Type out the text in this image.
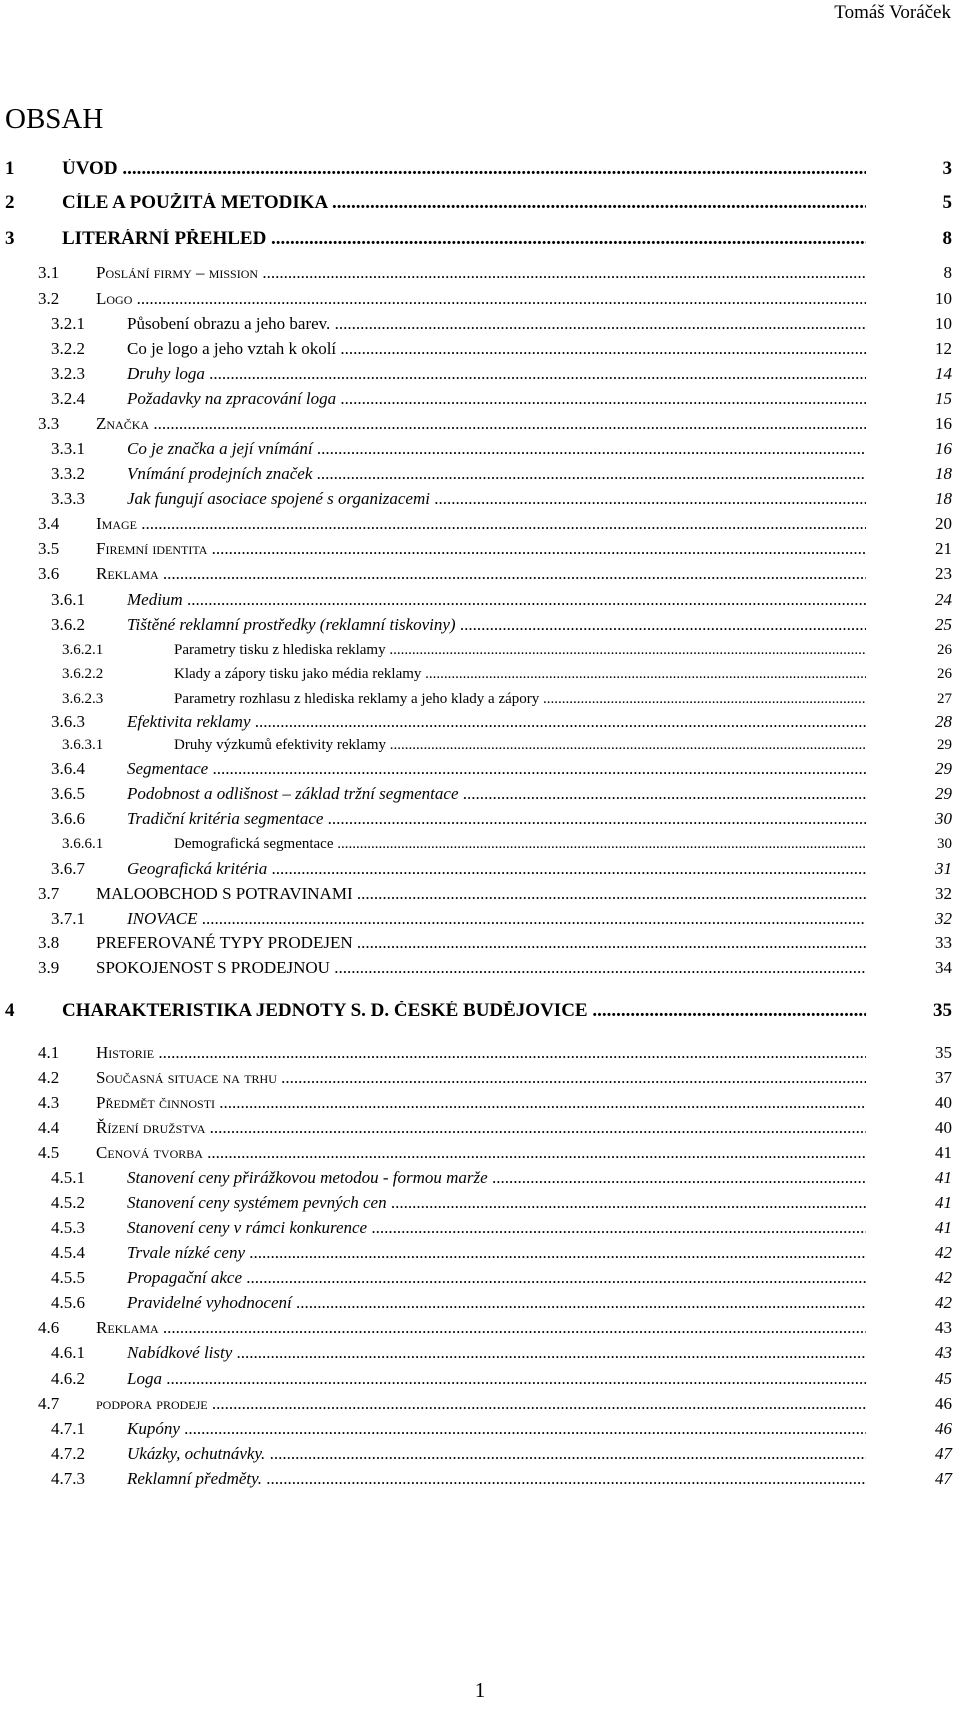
Tomáš Voráček
OBSAH
1	ÚVOD .....	3
2	CÍLE A POUŽITÁ METODIKA .....	5
3	LITERÁRNÍ PŘEHLED .....	8
3.1 Poslání firmy – mission .....	8
3.2 Logo .....	10
3.2.1 Působení obrazu a jeho barev. .....	10
3.2.2 Co je logo a jeho vztah k okolí .....	12
3.2.3 Druhy loga .....	14
3.2.4 Požadavky na zpracování loga .....	15
3.3 Značka .....	16
3.3.1 Co je značka a její vnímání .....	16
3.3.2 Vnímání prodejních značek .....	18
3.3.3 Jak fungují asociace spojené s organizacemi .....	18
3.4 Image .....	20
3.5 Firemní identita .....	21
3.6 Reklama .....	23
3.6.1 Medium .....	24
3.6.2 Tištěné reklamní prostředky (reklamní tiskoviny) .....	25
3.6.2.1	Parametry tisku z hlediska reklamy .....	26
3.6.2.2	Klady a zápory tisku jako média reklamy .....	26
3.6.2.3	Parametry rozhlasu z hlediska reklamy a jeho klady a zápory .....	27
3.6.3 Efektivita reklamy .....	28
3.6.3.1	Druhy výzkumů efektivity reklamy .....	29
3.6.4 Segmentace .....	29
3.6.5 Podobnost a odlišnost – základ tržní segmentace .....	29
3.6.6 Tradiční kritéria segmentace .....	30
3.6.6.1	Demografická segmentace .....	30
3.6.7 Geografická kritéria .....	31
3.7 MALOOBCHOD S POTRAVINAMI .....	32
3.7.1 INOVACE .....	32
3.8 PREFEROVANÉ TYPY PRODEJEN .....	33
3.9 SPOKOJENOST S PRODEJNOU .....	34
4	CHARAKTERISTIKA JEDNOTY S. D. ČESKÉ BUDĚJOVICE .....	35
4.1 Historie .....	35
4.2 Současná situace na trhu .....	37
4.3 Předmět činnosti .....	40
4.4 Řízení družstva .....	40
4.5 Cenová tvorba .....	41
4.5.1 Stanovení ceny přirážkovou metodou - formou marže .....	41
4.5.2 Stanovení ceny systémem pevných cen .....	41
4.5.3 Stanovení ceny v rámci konkurence .....	41
4.5.4 Trvale nízké ceny .....	42
4.5.5 Propagační akce .....	42
4.5.6 Pravidelné vyhodnocení .....	42
4.6 Reklama .....	43
4.6.1 Nabídkové listy .....	43
4.6.2 Loga .....	45
4.7 podpora prodeje .....	46
4.7.1 Kupóny .....	46
4.7.2 Ukázky, ochutnávky. .....	47
4.7.3 Reklamní předměty. .....	47
1
